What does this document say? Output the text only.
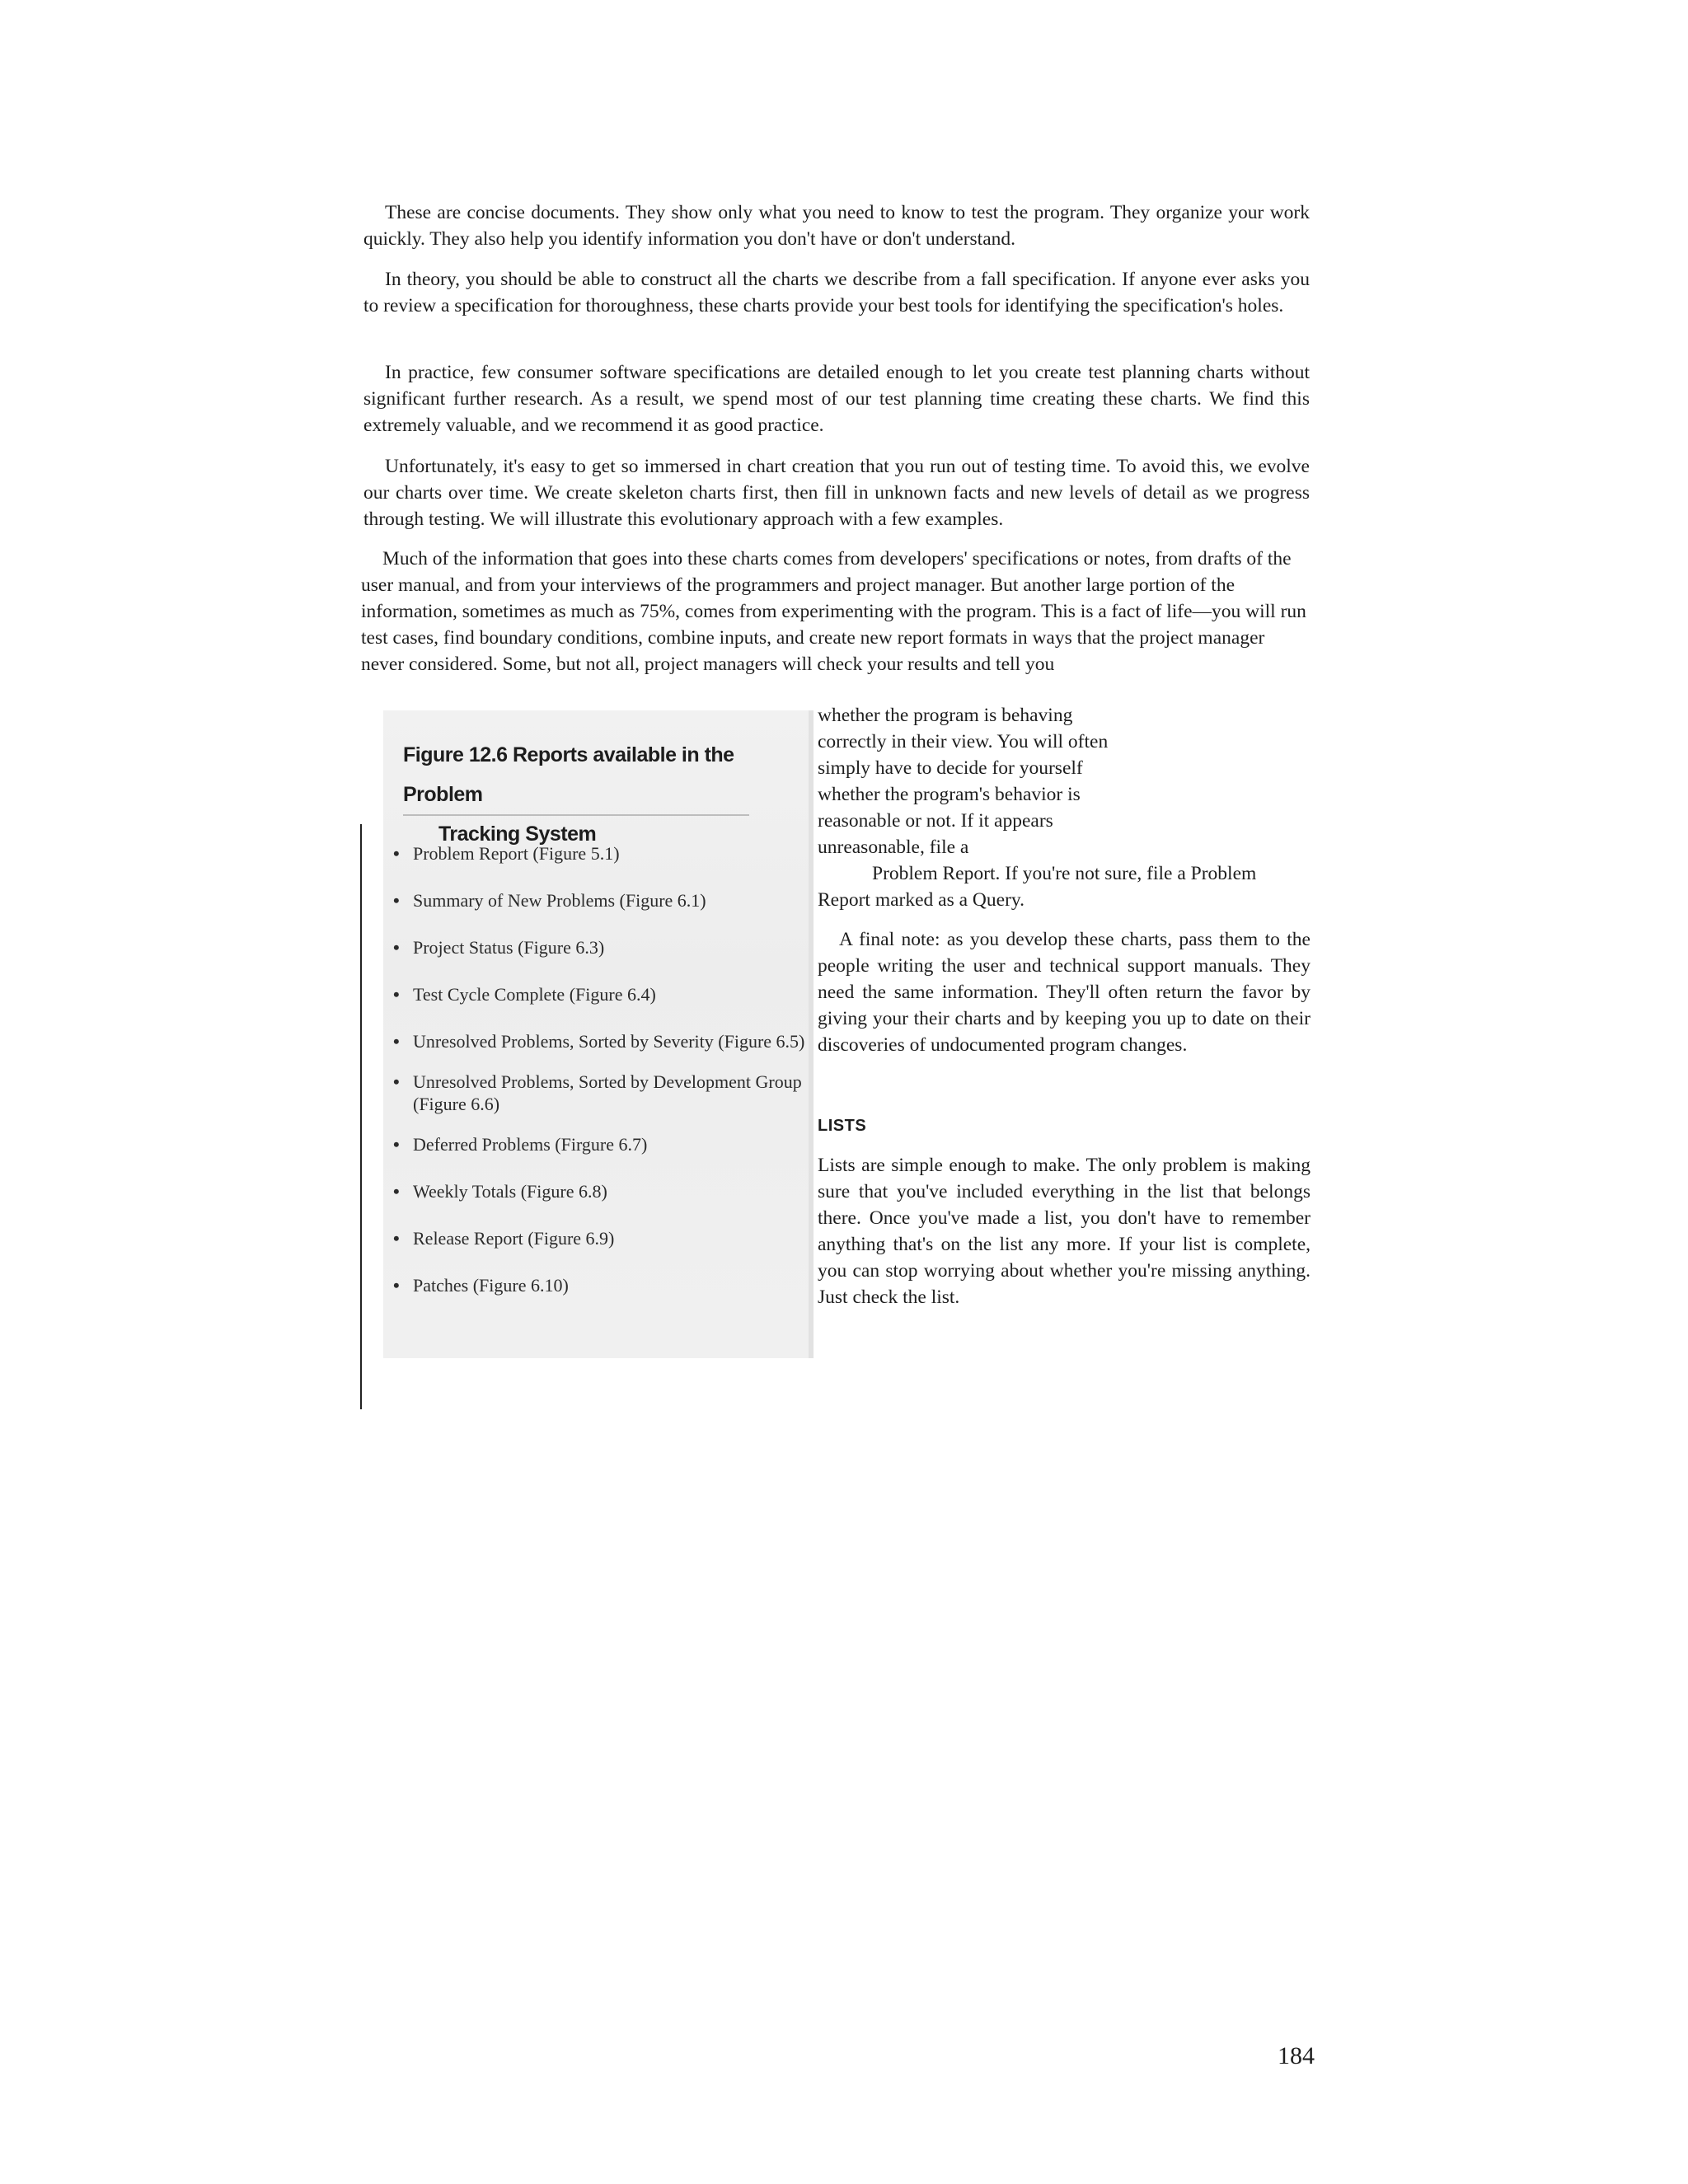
These are concise documents. They show only what you need to know to test the program. They organize your work quickly. They also help you identify information you don't have or don't understand.

In theory, you should be able to construct all the charts we describe from a fall specification. If anyone ever asks you to review a specification for thoroughness, these charts provide your best tools for identifying the specification's holes.

In practice, few consumer software specifications are detailed enough to let you create test planning charts without significant further research. As a result, we spend most of our test planning time creating these charts. We find this extremely valuable, and we recommend it as good practice.

Unfortunately, it's easy to get so immersed in chart creation that you run out of testing time. To avoid this, we evolve our charts over time. We create skeleton charts first, then fill in unknown facts and new levels of detail as we progress through testing. We will illustrate this evolutionary approach with a few examples.

Much of the information that goes into these charts comes from developers' specifications or notes, from drafts of the user manual, and from your interviews of the programmers and project manager. But another large portion of the information, sometimes as much as 75%, comes from experimenting with the program. This is a fact of life—you will run test cases, find boundary conditions, combine inputs, and create new report formats in ways that the project manager never considered. Some, but not all, project managers will check your results and tell you

whether the program is behaving correctly in their view. You will often simply have to decide for yourself whether the program's behavior is reasonable or not. If it appears unreasonable, file a

Problem Report. If you're not sure, file a Problem Report marked as a Query.

A final note: as you develop these charts, pass them to the people writing the user and technical support manuals. They need the same information. They'll often return the favor by giving your their charts and by keeping you up to date on their discoveries of undocumented program changes.

LISTS

Lists are simple enough to make. The only problem is making sure that you've included everything in the list that belongs there. Once you've made a list, you don't have to remember anything that's on the list any more. If your list is complete, you can stop worrying about whether you're missing anything. Just check the list.

Figure 12.6 Reports available in the Problem
Tracking System
• Problem Report (Figure 5.1)
• Summary of New Problems (Figure 6.1)
• Project Status (Figure 6.3)
• Test Cycle Complete (Figure 6.4)
• Unresolved Problems, Sorted by Severity (Figure 6.5)
• Unresolved Problems, Sorted by Development Group (Figure 6.6)
• Deferred Problems (Firgure 6.7)
• Weekly Totals (Figure 6.8)
• Release Report (Figure 6.9)
• Patches (Figure 6.10)

184
